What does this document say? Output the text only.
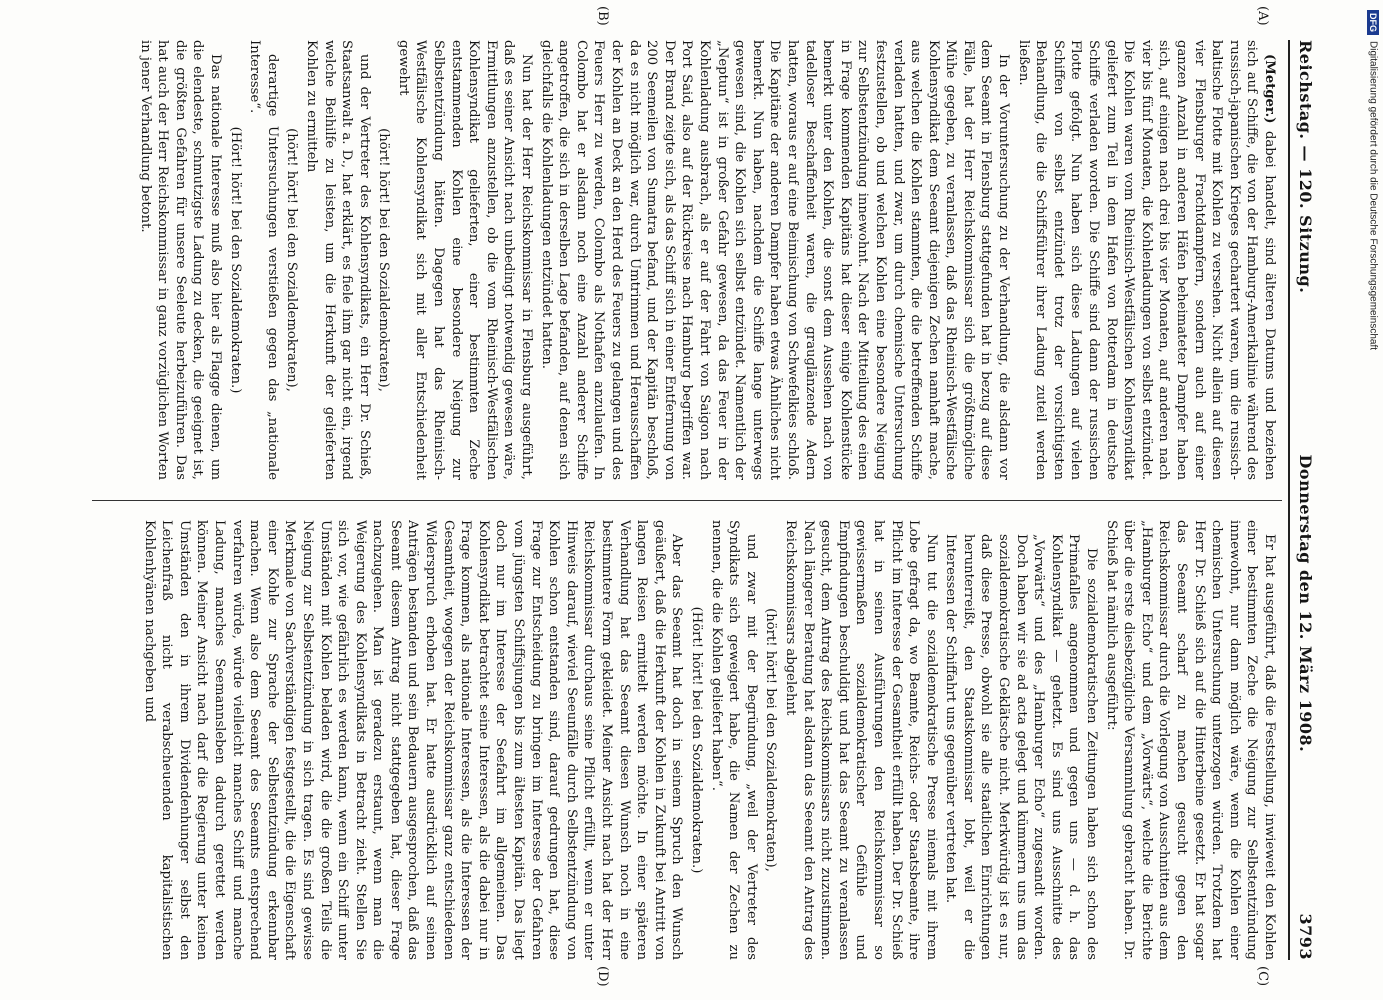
DFG
Digitalisierung gefördert durch die Deutsche Forschungsgemeinschaft
Reichstag. — 120. Sitzung.
Donnerstag den 12. März 1908.
3793
(A)
(B)
(C)
(D)

(Metger.) dabei handelt, sind älteren Datums und beziehen sich auf Schiffe, die von der Hamburg-Amerikalinie während des russisch-japanischen Krieges gechartert waren, um die russisch-baltische Flotte mit Kohlen zu versehen. Nicht allein auf diesen vier Flensburger Frachtdampfern, sondern auch auf einer ganzen Anzahl in anderen Häfen beheimateter Dampfer haben sich, auf einigen nach drei bis vier Monaten, auf anderen nach vier bis fünf Monaten, die Kohlenladungen von selbst entzündet. Die Kohlen waren vom Rheinisch-Westfälischen Kohlensyndikat geliefert zum Teil in dem Hafen von Rotterdam in deutsche Schiffe verladen worden. Die Schiffe sind dann der russischen Flotte gefolgt. Nun haben sich diese Ladungen auf vielen Schiffen von selbst entzündet trotz der vorsichtigsten Behandlung, die die Schiffsführer ihrer Ladung zuteil werden ließen.

In der Voruntersuchung zu der Verhandlung, die alsdann vor dem Seeamt in Flensburg stattgefunden hat in bezug auf diese Fälle, hat der Herr Reichskommissar sich die größtmögliche Mühe gegeben, zu veranlassen, daß das Rheinisch-Westfälische Kohlensyndikat dem Seeamt diejenigen Zechen namhaft mache, aus welchen die Kohlen stammten, die die betreffenden Schiffe verladen hatten, und zwar, um durch chemische Untersuchung festzustellen, ob und welchen Kohlen eine besondere Neigung zur Selbstentzündung innewohnt. Nach der Mitteilung des einen in Frage kommenden Kapitäns hat dieser einige Kohlenstücke bemerkt unter den Kohlen, die sonst dem Aussehen nach von tadelloser Beschaffenheit waren, die grauglänzende Adern hatten, woraus er auf eine Beimischung von Schwefelkies schloß. Die Kapitäne der anderen Dampfer haben etwas Ähnliches nicht bemerkt. Nun haben, nachdem die Schiffe lange unterwegs gewesen sind, die Kohlen sich selbst entzündet. Namentlich der „Neptun“ ist in großer Gefahr gewesen, da das Feuer in der Kohlenladung ausbrach, als er auf der Fahrt von Saigon nach Port Said, also auf der Rückreise nach Hamburg begriffen war. Der Brand zeigte sich, als das Schiff sich in einer Entfernung von 200 Seemeilen von Sumatra befand, und der Kapitän beschloß, da es nicht möglich war, durch Umtrimmen und Herausschaffen der Kohlen an Deck an den Herd des Feuers zu gelangen und des Feuers Herr zu werden, Colombo als Nothafen anzulaufen. In Colombo hat er alsdann noch eine Anzahl anderer Schiffe angetroffen, die sich in derselben Lage befanden, auf denen sich gleichfalls die Kohlenladungen entzündet hatten.

Nun hat der Herr Reichskommissar in Flensburg ausgeführt, daß es seiner Ansicht nach unbedingt notwendig gewesen wäre, Ermittlungen anzustellen, ob die vom Rheinisch-Westfälischen Kohlensyndikat gelieferten, einer bestimmten Zeche entstammenden Kohlen eine besondere Neigung zur Selbstentzündung hätten. Dagegen hat das Rheinisch-Westfälische Kohlensyndikat sich mit aller Entschiedenheit gewehrt

(hört! hört! bei den Sozialdemokraten),

und der Vertreter des Kohlensyndikats, ein Herr Dr. Schieß, Staatsanwalt a. D., hat erklärt, es fiele ihm gar nicht ein, irgend welche Beihilfe zu leisten, um die Herkunft der gelieferten Kohlen zu ermitteln

(hört! hört! bei den Sozialdemokraten),

derartige Untersuchungen verstießen gegen das „nationale Interesse“.

(Hört! hört! bei den Sozialdemokraten.)

Das nationale Interesse muß also hier als Flagge dienen, um die elendeste, schmutzigste Ladung zu decken, die geeignet ist, die größten Gefahren für unsere Seeleute herbeizuführen. Das hat auch der Herr Reichskommissar in ganz vorzüglichen Worten in jener Verhandlung betont.

Er hat ausgeführt, daß die Feststellung, inwieweit den Kohlen einer bestimmten Zeche die Neigung zur Selbstentzündung innewohnt, nur dann möglich wäre, wenn die Kohlen einer chemischen Untersuchung unterzogen würden. Trotzdem hat Herr Dr. Schieß sich auf die Hinterbeine gesetzt. Er hat sogar das Seeamt scharf zu machen gesucht gegen den Reichskommissar durch die Vorlegung von Ausschnitten aus dem „Hamburger Echo“ und dem „Vorwärts“, welche die Berichte über die erste diesbezügliche Versammlung gebracht haben. Dr. Schieß hat nämlich ausgeführt:

Die sozialdemokratischen Zeitungen haben sich schon des Primafalles angenommen und gegen uns — d. h. das Kohlensyndikat — gehetzt. Es sind uns Ausschnitte des „Vorwärts“ und des „Hamburger Echo“ zugesandt worden. Doch haben wir sie ad acta gelegt und kümmern uns um das sozialdemokratische Geklätsche nicht. Merkwürdig ist es nur, daß diese Presse, obwohl sie alle staatlichen Einrichtungen herunterreißt, den Staatskommissar lobt, weil er die Interessen der Schiffahrt uns gegenüber vertreten hat.

Nun tut die sozialdemokratische Presse niemals mit ihrem Lobe gefragt da, wo Beamte, Reichs- oder Staatsbeamte, ihre Pflicht im Interesse der Gesamtheit erfüllt haben. Der Dr. Schieß hat in seinen Ausführungen den Reichskommissar so gewissermaßen sozialdemokratischer Gefühle und Empfindungen beschuldigt und hat das Seeamt zu veranlassen gesucht, dem Antrag des Reichskommissars nicht zuzustimmen. Nach längerer Beratung hat alsdann das Seeamt den Antrag des Reichskommissars abgelehnt

(hört! hört! bei den Sozialdemokraten),

und zwar mit der Begründung, „weil der Vertreter des Syndikats sich geweigert habe, die Namen der Zechen zu nennen, die die Kohlen geliefert haben“.

(Hört! hört! bei den Sozialdemokraten.)

Aber das Seeamt hat doch in seinem Spruch den Wunsch geäußert, daß die Herkunft der Kohlen in Zukunft bei Antritt von langen Reisen ermittelt werden möchte. In einer späteren Verhandlung hat das Seeamt diesen Wunsch noch in eine bestimmtere Form gekleidet. Meiner Ansicht nach hat der Herr Reichskommissar durchaus seine Pflicht erfüllt, wenn er unter Hinweis darauf, wieviel Seeunfälle durch Selbstentzündung von Kohlen schon entstanden sind, darauf gedrungen hat, diese Frage zur Entscheidung zu bringen im Interesse der Gefahren vom jüngsten Schiffsjungen bis zum ältesten Kapitän. Das liegt doch nur im Interesse der Seefahrt im allgemeinen. Das Kohlensyndikat betrachtet seine Interessen, als die dabei nur in Frage kommen, als nationale Interessen, als die Interessen der Gesamtheit, wogegen der Reichskommissar ganz entschiedenen Widerspruch erhoben hat. Er hatte ausdrücklich auf seinen Anträgen bestanden und sein Bedauern ausgesprochen, daß das Seeamt diesem Antrag nicht stattgegeben hat, dieser Frage nachzugehen. Man ist geradezu erstaunt, wenn man die Weigerung des Kohlensyndikats in Betracht zieht. Stellen Sie sich vor, wie gefährlich es werden kann, wenn ein Schiff unter Umständen mit Kohlen beladen wird, die die großen Teils die Neigung zur Selbstentzündung in sich tragen. Es sind gewisse Merkmale von Sachverständigen festgestellt, die die Eigenschaft einer Kohle zur Sprache der Selbstentzündung erkennbar machen. Wenn also dem Seeamt des Seeamts entsprechend verfahren würde, würde vielleicht manches Schiff und manche Ladung, manches Seemannsleben dadurch gerettet werden können. Meiner Ansicht nach darf die Regierung unter keinen Umständen den in ihrem Dividendenhunger selbst den Leichenfraß nicht verabscheuenden kapitalistischen Kohlenhyänen nachgeben und
